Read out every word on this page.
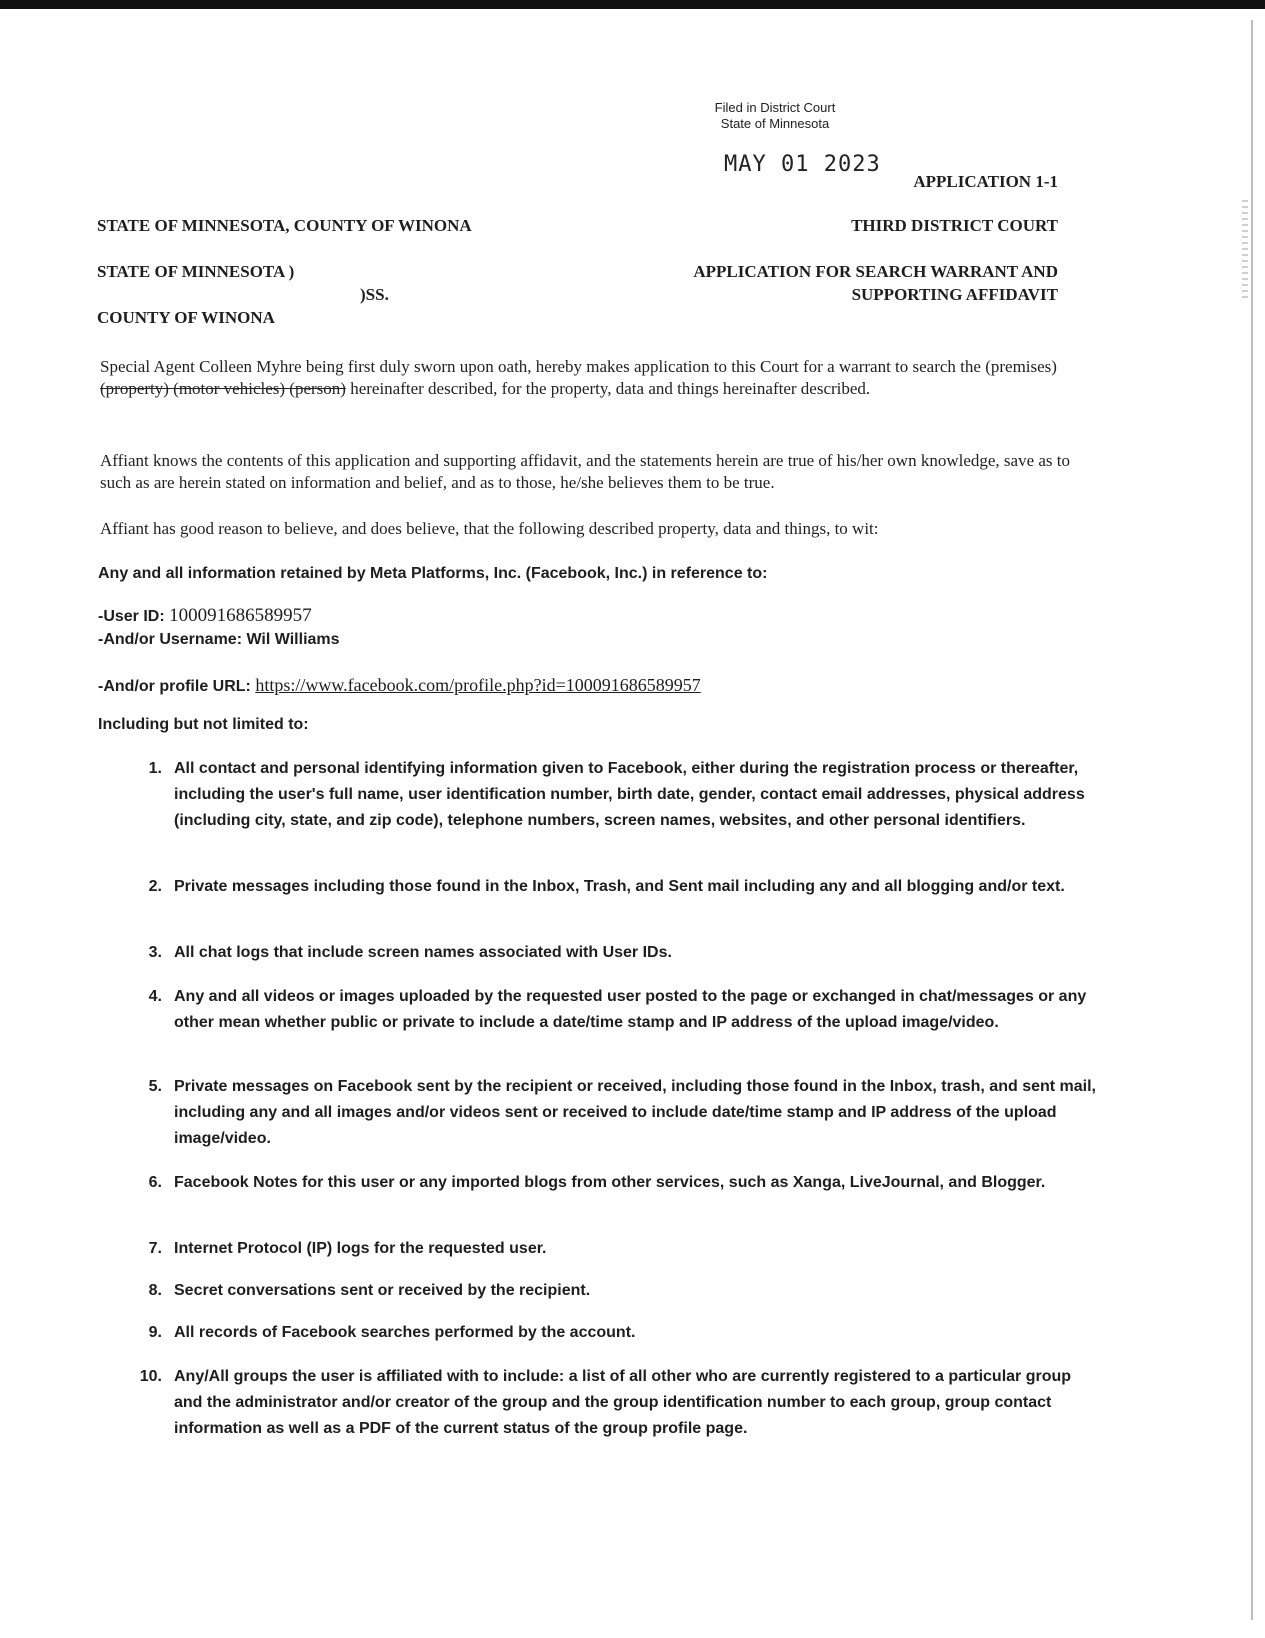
Filed in District Court
State of Minnesota
MAY 01 2023
APPLICATION 1-1
STATE OF MINNESOTA, COUNTY OF WINONA	THIRD DISTRICT COURT
STATE OF MINNESOTA )
)SS.
COUNTY OF WINONA
APPLICATION FOR SEARCH WARRANT AND
SUPPORTING AFFIDAVIT
Special Agent Colleen Myhre being first duly sworn upon oath, hereby makes application to this Court for a warrant to search the (premises) (property) (motor vehicles) (person) hereinafter described, for the property, data and things hereinafter described.
Affiant knows the contents of this application and supporting affidavit, and the statements herein are true of his/her own knowledge, save as to such as are herein stated on information and belief, and as to those, he/she believes them to be true.
Affiant has good reason to believe, and does believe, that the following described property, data and things, to wit:
Any and all information retained by Meta Platforms, Inc. (Facebook, Inc.) in reference to:
-User ID: 100091686589957
-And/or Username: Wil Williams
-And/or profile URL: https://www.facebook.com/profile.php?id=100091686589957
Including but not limited to:
1. All contact and personal identifying information given to Facebook, either during the registration process or thereafter, including the user's full name, user identification number, birth date, gender, contact email addresses, physical address (including city, state, and zip code), telephone numbers, screen names, websites, and other personal identifiers.
2. Private messages including those found in the Inbox, Trash, and Sent mail including any and all blogging and/or text.
3. All chat logs that include screen names associated with User IDs.
4. Any and all videos or images uploaded by the requested user posted to the page or exchanged in chat/messages or any other mean whether public or private to include a date/time stamp and IP address of the upload image/video.
5. Private messages on Facebook sent by the recipient or received, including those found in the Inbox, trash, and sent mail, including any and all images and/or videos sent or received to include date/time stamp and IP address of the upload image/video.
6. Facebook Notes for this user or any imported blogs from other services, such as Xanga, LiveJournal, and Blogger.
7. Internet Protocol (IP) logs for the requested user.
8. Secret conversations sent or received by the recipient.
9. All records of Facebook searches performed by the account.
10. Any/All groups the user is affiliated with to include: a list of all other who are currently registered to a particular group and the administrator and/or creator of the group and the group identification number to each group, group contact information as well as a PDF of the current status of the group profile page.
